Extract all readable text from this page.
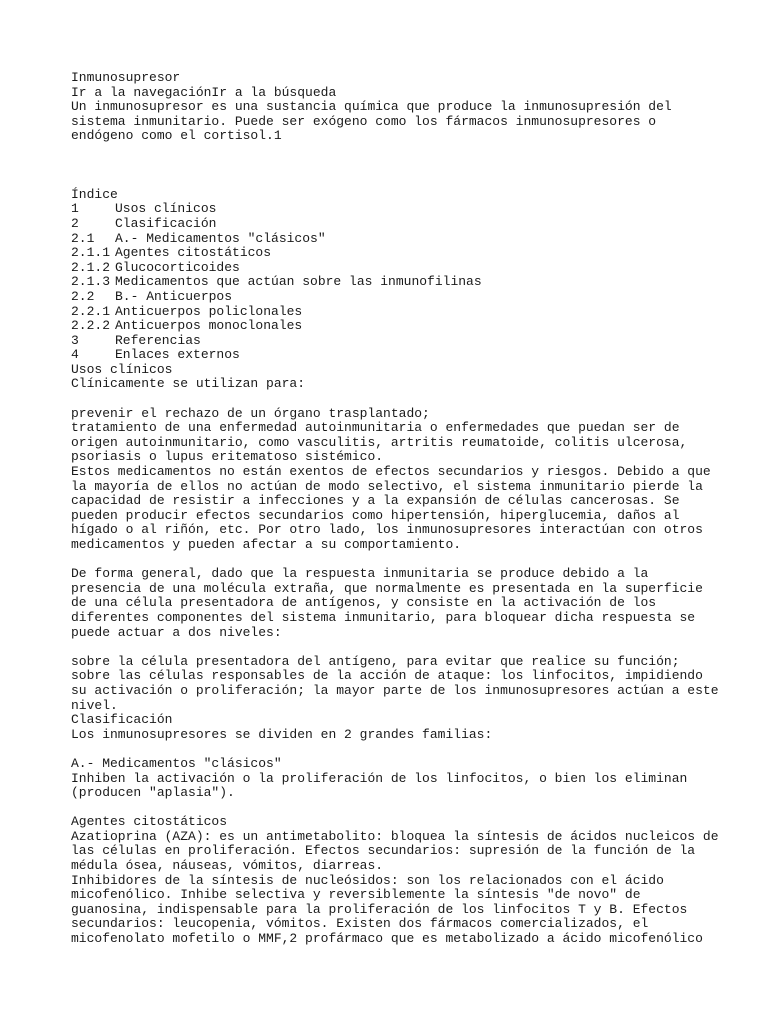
Inmunosupresor
Ir a la navegaciónIr a la búsqueda
Un inmunosupresor es una sustancia química que produce la inmunosupresión del
sistema inmunitario. Puede ser exógeno como los fármacos inmunosupresores o
endógeno como el cortisol.1
Índice
1	Usos clínicos
2	Clasificación
2.1	A.- Medicamentos "clásicos"
2.1.1 Agentes citostáticos
2.1.2 Glucocorticoides
2.1.3 Medicamentos que actúan sobre las inmunofilinas
2.2	B.- Anticuerpos
2.2.1 Anticuerpos policlonales
2.2.2 Anticuerpos monoclonales
3	Referencias
4	Enlaces externos
Usos clínicos
Clínicamente se utilizan para:
prevenir el rechazo de un órgano trasplantado;
tratamiento de una enfermedad autoinmunitaria o enfermedades que puedan ser de
origen autoinmunitario, como vasculitis, artritis reumatoide, colitis ulcerosa,
psoriasis o lupus eritematoso sistémico.
Estos medicamentos no están exentos de efectos secundarios y riesgos. Debido a que
la mayoría de ellos no actúan de modo selectivo, el sistema inmunitario pierde la
capacidad de resistir a infecciones y a la expansión de células cancerosas. Se
pueden producir efectos secundarios como hipertensión, hiperglucemia, daños al
hígado o al riñón, etc. Por otro lado, los inmunosupresores interactúan con otros
medicamentos y pueden afectar a su comportamiento.
De forma general, dado que la respuesta inmunitaria se produce debido a la
presencia de una molécula extraña, que normalmente es presentada en la superficie
de una célula presentadora de antígenos, y consiste en la activación de los
diferentes componentes del sistema inmunitario, para bloquear dicha respuesta se
puede actuar a dos niveles:
sobre la célula presentadora del antígeno, para evitar que realice su función;
sobre las células responsables de la acción de ataque: los linfocitos, impidiendo
su activación o proliferación; la mayor parte de los inmunosupresores actúan a este
nivel.
Clasificación
Los inmunosupresores se dividen en 2 grandes familias:
A.- Medicamentos "clásicos"
Inhiben la activación o la proliferación de los linfocitos, o bien los eliminan
(producen "aplasia").
Agentes citostáticos
Azatioprina (AZA): es un antimetabolito: bloquea la síntesis de ácidos nucleicos de
las células en proliferación. Efectos secundarios: supresión de la función de la
médula ósea, náuseas, vómitos, diarreas.
Inhibidores de la síntesis de nucleósidos: son los relacionados con el ácido
micofenólico. Inhibe selectiva y reversiblemente la síntesis "de novo" de
guanosina, indispensable para la proliferación de los linfocitos T y B. Efectos
secundarios: leucopenia, vómitos. Existen dos fármacos comercializados, el
micofenolato mofetilo o MMF,2 profármaco que es metabolizado a ácido micofenólico
